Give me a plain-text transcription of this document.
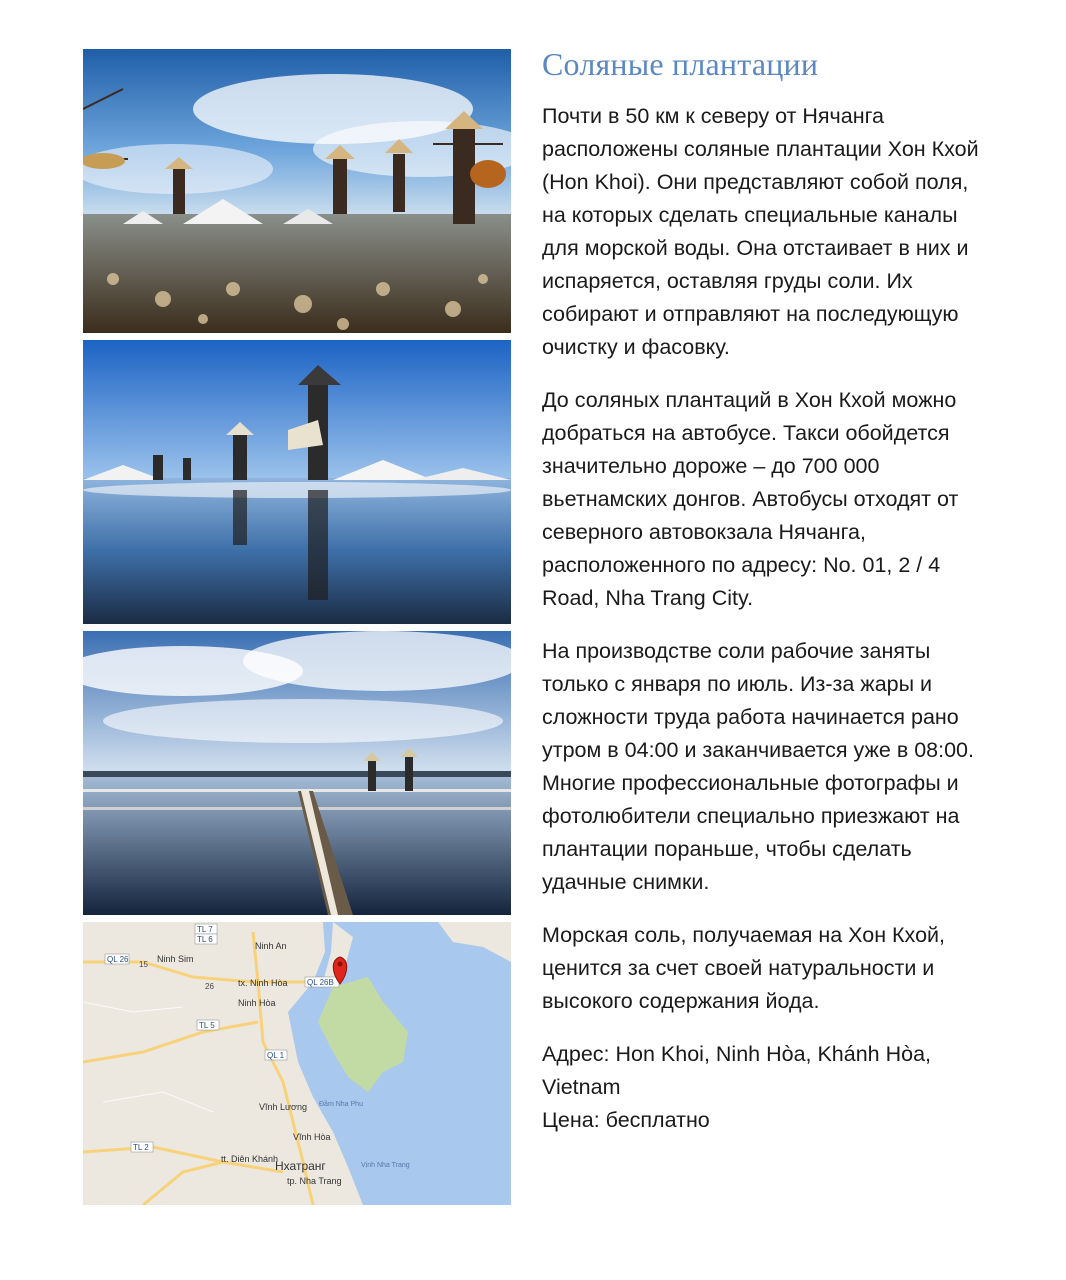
TL 7
TL 6
QL 26
QL 26B
TL 5
QL 1
TL 2
15
26
Ninh An
Ninh Sim
tx. Ninh Hòa
Ninh Hòa
Vĩnh Lương
Vĩnh Hòa
tt. Diên Khánh
Đầm Nha Phu
Vịnh Nha Trang
Нхатранг
tp. Nha Trang
Соляные плантации

Почти в 50 км к северу от Нячанга расположены соляные плантации Хон Кхой (Hon Khoi). Они представляют собой поля, на которых сделать специальные каналы для морской воды. Она отстаивает в них и испаряется, оставляя груды соли. Их собирают и отправляют на последующую очистку и фасовку.

До соляных плантаций в Хон Кхой можно добраться на автобусе. Такси обойдется значительно дороже – до 700 000 вьетнамских донгов. Автобусы отходят от северного автовокзала Нячанга, расположенного по адресу: No. 01, 2 / 4 Road, Nha Trang City.

На производстве соли рабочие заняты только с января по июль. Из-за жары и сложности труда работа начинается рано утром в 04:00 и заканчивается уже в 08:00. Многие профессиональные фотографы и фотолюбители специально приезжают на плантации пораньше, чтобы сделать удачные снимки.

Морская соль, получаемая на Хон Кхой, ценится за счет своей натуральности и высокого содержания йода.

Адрес: Hon Khoi, Ninh Hòa, Khánh Hòa, Vietnam

Цена: бесплатно
